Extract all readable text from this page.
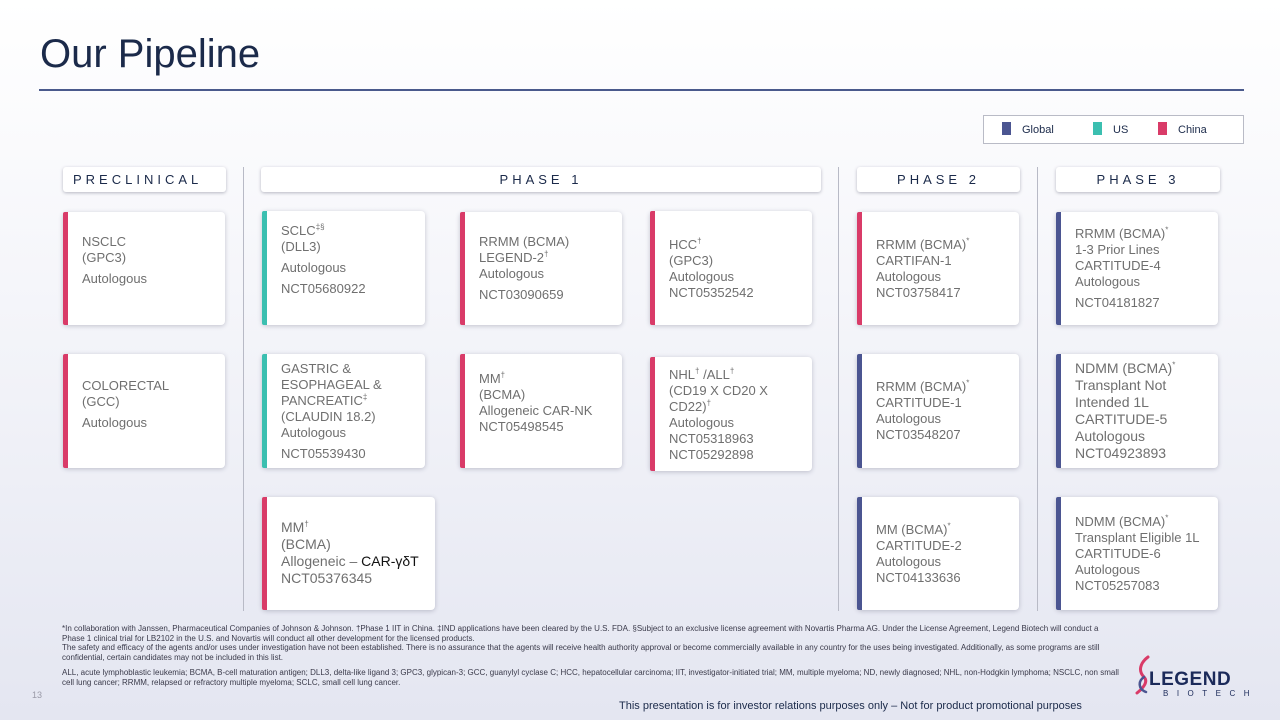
Our Pipeline
Global	US	China
PRECLINICAL	PHASE 1	PHASE 2	PHASE 3
NSCLC
(GPC3)
Autologous
COLORECTAL
(GCC)
Autologous
SCLC‡§
(DLL3)
Autologous
NCT05680922
GASTRIC &
ESOPHAGEAL &
PANCREATIC‡
(CLAUDIN 18.2)
Autologous
NCT05539430
MM†
(BCMA)
Allogeneic – CAR-γδT
NCT05376345
RRMM (BCMA)
LEGEND-2†
Autologous
NCT03090659
MM†
(BCMA)
Allogeneic CAR-NK
NCT05498545
HCC†
(GPC3)
Autologous
NCT05352542
NHL† /ALL†
(CD19 X CD20 X
CD22)†
Autologous
NCT05318963
NCT05292898
RRMM (BCMA)*
CARTIFAN-1
Autologous
NCT03758417
RRMM (BCMA)*
CARTITUDE-1
Autologous
NCT03548207
MM (BCMA)*
CARTITUDE-2
Autologous
NCT04133636
RRMM (BCMA)*
1-3 Prior Lines
CARTITUDE-4
Autologous
NCT04181827
NDMM (BCMA)*
Transplant Not
Intended 1L
CARTITUDE-5
Autologous
NCT04923893
NDMM (BCMA)*
Transplant Eligible 1L
CARTITUDE-6
Autologous
NCT05257083

*In collaboration with Janssen, Pharmaceutical Companies of Johnson & Johnson. †Phase 1 IIT in China. ‡IND applications have been cleared by the U.S. FDA. §Subject to an exclusive license agreement with Novartis Pharma AG. Under the License Agreement, Legend Biotech will conduct a Phase 1 clinical trial for LB2102 in the U.S. and Novartis will conduct all other development for the licensed products.

The safety and efficacy of the agents and/or uses under investigation have not been established. There is no assurance that the agents will receive health authority approval or become commercially available in any country for the uses being investigated. Additionally, as some programs are still confidential, certain candidates may not be included in this list.

ALL, acute lymphoblastic leukemia; BCMA, B-cell maturation antigen; DLL3, delta-like ligand 3; GPC3, glypican-3; GCC, guanylyl cyclase C; HCC, hepatocellular carcinoma; IIT, investigator-initiated trial; MM, multiple myeloma; ND, newly diagnosed; NHL, non-Hodgkin lymphoma; NSCLC, non small cell lung cancer; RRMM, relapsed or refractory multiple myeloma; SCLC, small cell lung cancer.

13
This presentation is for investor relations purposes only – Not for product promotional purposes
LEGEND
BIOTECH
